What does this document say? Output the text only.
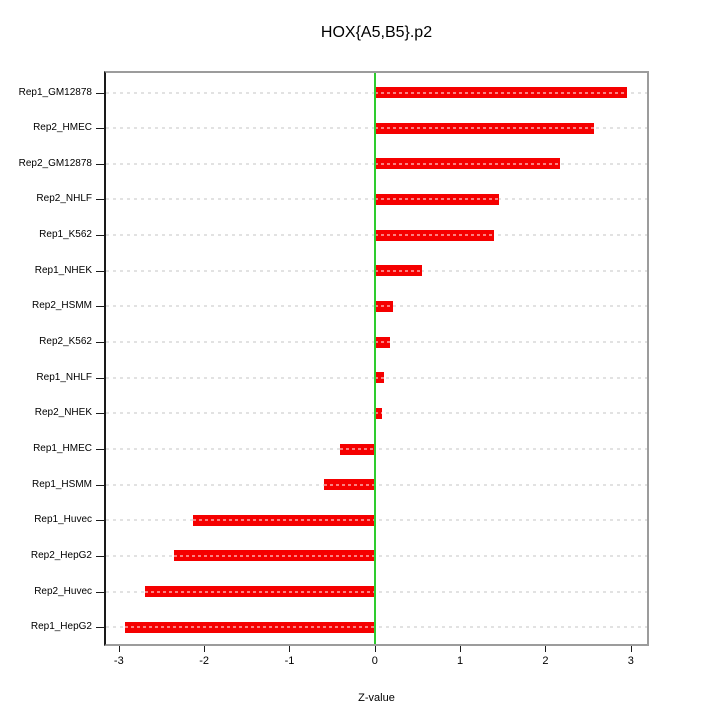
HOX{A5,B5}.p2
Rep1_GM12878
Rep2_HMEC
Rep2_GM12878
Rep2_NHLF
Rep1_K562
Rep1_NHEK
Rep2_HSMM
Rep2_K562
Rep1_NHLF
Rep2_NHEK
Rep1_HMEC
Rep1_HSMM
Rep1_Huvec
Rep2_HepG2
Rep2_Huvec
Rep1_HepG2
-3	-2	-1	0	1	2	3
Z-value
